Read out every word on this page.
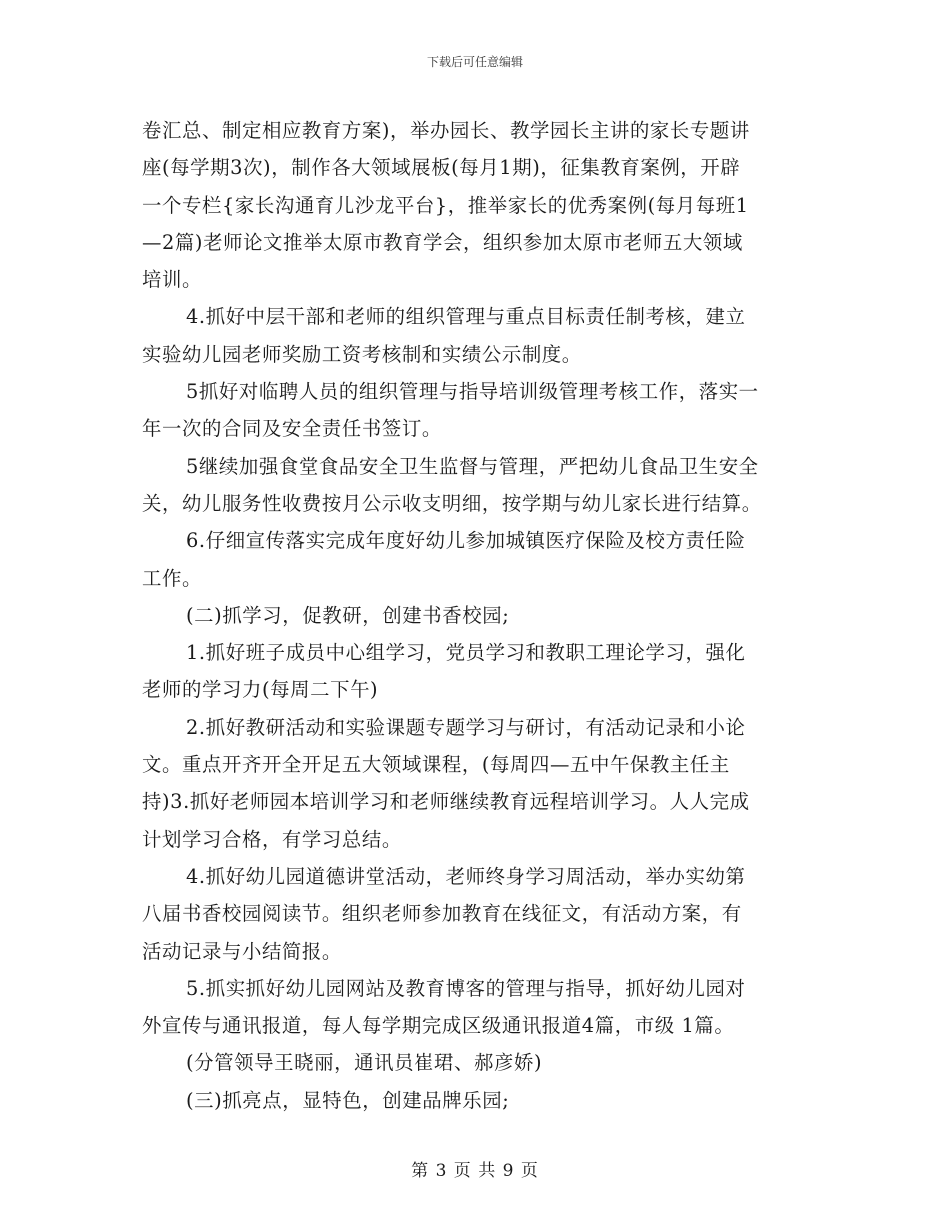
下载后可任意编辑
卷汇总、制定相应教育方案)，举办园长、教学园长主讲的家长专题讲
座(每学期3次)，制作各大领域展板(每月1期)，征集教育案例，开辟
一个专栏{家长沟通育儿沙龙平台}，推举家长的优秀案例(每月每班1
—2篇)老师论文推举太原市教育学会，组织参加太原市老师五大领域
培训。
4.抓好中层干部和老师的组织管理与重点目标责任制考核，建立
实验幼儿园老师奖励工资考核制和实绩公示制度。
5抓好对临聘人员的组织管理与指导培训级管理考核工作，落实一
年一次的合同及安全责任书签订。
5继续加强食堂食品安全卫生监督与管理，严把幼儿食品卫生安全
关，幼儿服务性收费按月公示收支明细，按学期与幼儿家长进行结算。
6.仔细宣传落实完成年度好幼儿参加城镇医疗保险及校方责任险
工作。
(二)抓学习，促教研，创建书香校园;
1.抓好班子成员中心组学习，党员学习和教职工理论学习，强化
老师的学习力(每周二下午)
2.抓好教研活动和实验课题专题学习与研讨，有活动记录和小论
文。重点开齐开全开足五大领域课程，(每周四—五中午保教主任主
持)3.抓好老师园本培训学习和老师继续教育远程培训学习。人人完成
计划学习合格，有学习总结。
4.抓好幼儿园道德讲堂活动，老师终身学习周活动，举办实幼第
八届书香校园阅读节。组织老师参加教育在线征文，有活动方案，有
活动记录与小结简报。
5.抓实抓好幼儿园网站及教育博客的管理与指导，抓好幼儿园对
外宣传与通讯报道，每人每学期完成区级通讯报道4篇，市级 1篇。
(分管领导王晓丽，通讯员崔珺、郝彦娇)
(三)抓亮点，显特色，创建品牌乐园;
第 3 页 共 9 页
